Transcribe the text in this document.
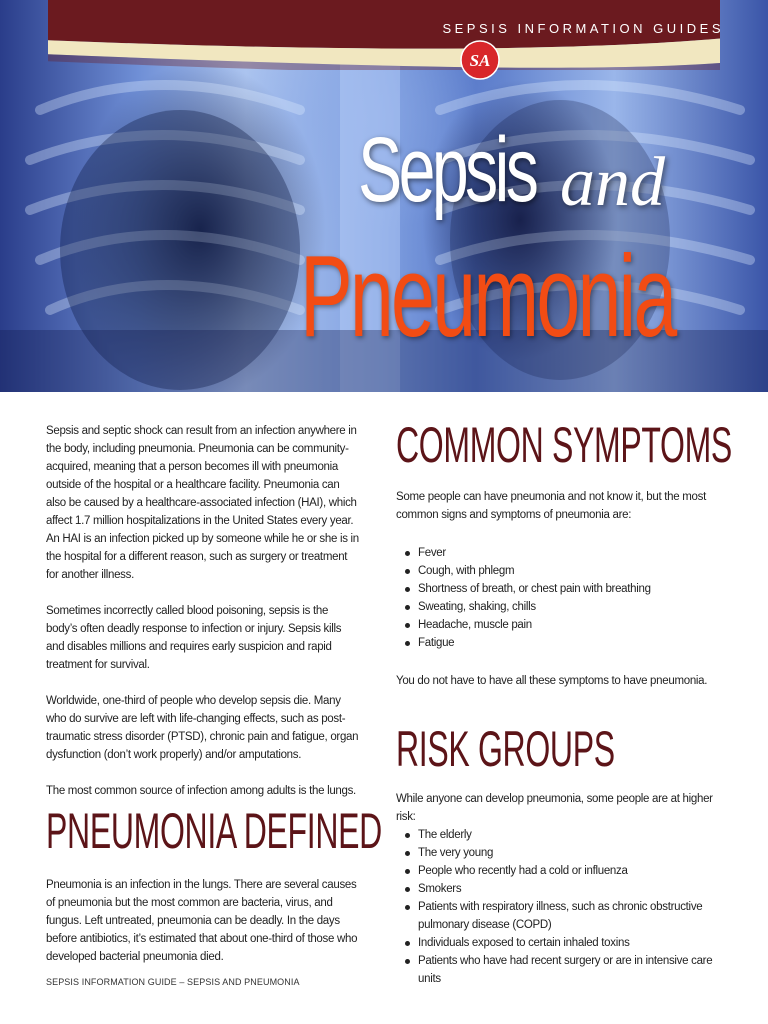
SEPSIS INFORMATION GUIDES
SA
Sepsis and
Pneumonia

Sepsis and septic shock can result from an infection anywhere in the body, including pneumonia. Pneumonia can be community-acquired, meaning that a person becomes ill with pneumonia outside of the hospital or a healthcare facility. Pneumonia can also be caused by a healthcare-associated infection (HAI), which affect 1.7 million hospitalizations in the United States every year. An HAI is an infection picked up by someone while he or she is in the hospital for a different reason, such as surgery or treatment for another illness.

Sometimes incorrectly called blood poisoning, sepsis is the body’s often deadly response to infection or injury. Sepsis kills and disables millions and requires early suspicion and rapid treatment for survival.

Worldwide, one-third of people who develop sepsis die. Many who do survive are left with life-changing effects, such as post-traumatic stress disorder (PTSD), chronic pain and fatigue, organ dysfunction (don’t work properly) and/or amputations.

The most common source of infection among adults is the lungs.

PNEUMONIA DEFINED
Pneumonia is an infection in the lungs. There are several causes of pneumonia but the most common are bacteria, virus, and fungus. Left untreated, pneumonia can be deadly. In the days before antibiotics, it’s estimated that about one-third of those who developed bacterial pneumonia died.
COMMON SYMPTOMS
Some people can have pneumonia and not know it, but the most common signs and symptoms of pneumonia are:
Fever
Cough, with phlegm
Shortness of breath, or chest pain with breathing
Sweating, shaking, chills
Headache, muscle pain
Fatigue
You do not have to have all these symptoms to have pneumonia.
RISK GROUPS
While anyone can develop pneumonia, some people are at higher risk:
The elderly
The very young
People who recently had a cold or influenza
Smokers
Patients with respiratory illness, such as chronic obstructive pulmonary disease (COPD)
Individuals exposed to certain inhaled toxins
Patients who have had recent surgery or are in intensive care units
SEPSIS INFORMATION GUIDE – SEPSIS AND PNEUMONIA
